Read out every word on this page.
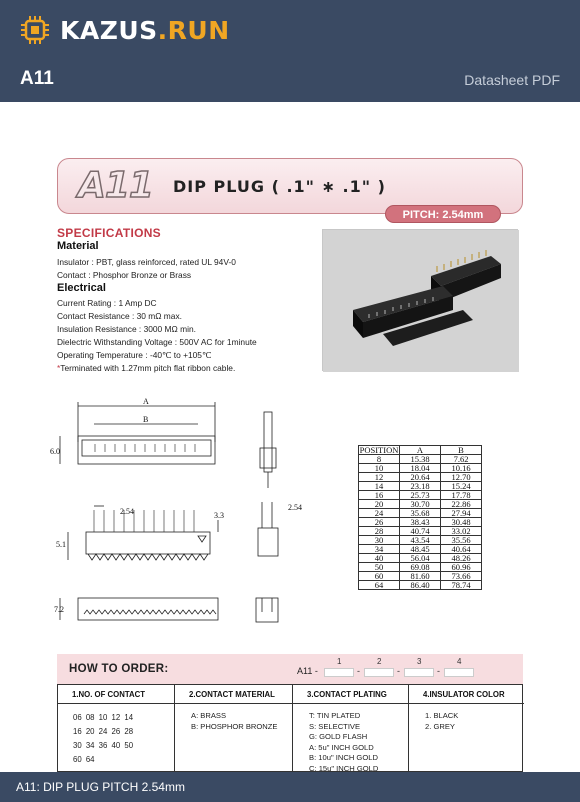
KAZUS.RUN
A11	Datasheet PDF
A11 DIP PLUG ( .1" ∗ .1" )
PITCH: 2.54mm
SPECIFICATIONS
Material
Insulator : PBT, glass reinforced, rated UL 94V-0
Contact : Phosphor Bronze or Brass
Electrical
Current Rating : 1 Amp DC
Contact Resistance : 30 mΩ max.
Insulation Resistance : 3000 MΩ min.
Dielectric Withstanding Voltage : 500V AC for 1minute
Operating Temperature : -40℃ to +105℃
*Terminated with 1.27mm pitch flat ribbon cable.
A
B
6.0
2.54	3.3
5.1
2.54
7.2
POSITION	A	B
8	15.38	7.62
10	18.04	10.16
12	20.64	12.70
14	23.18	15.24
16	25.73	17.78
20	30.70	22.86
24	35.68	27.94
26	38.43	30.48
28	40.74	33.02
30	43.54	35.56
34	48.45	40.64
40	56.04	48.26
50	69.08	60.96
60	81.60	73.66
64	86.40	78.74
HOW TO ORDER:	A11 -
1
-
2
-
3
-
4
1.NO. OF CONTACT
06 08 10 12 14
16 20 24 26 28
30 34 36 40 50
60 64
2.CONTACT MATERIAL
A: BRASS
B: PHOSPHOR BRONZE
3.CONTACT PLATING
T: TIN PLATED
S: SELECTIVE
G: GOLD FLASH
A: 5u" INCH GOLD
B: 10u" INCH GOLD
C: 15u" INCH GOLD
4.INSULATOR COLOR
1. BLACK
2. GREY
A11: DIP PLUG PITCH 2.54mm
